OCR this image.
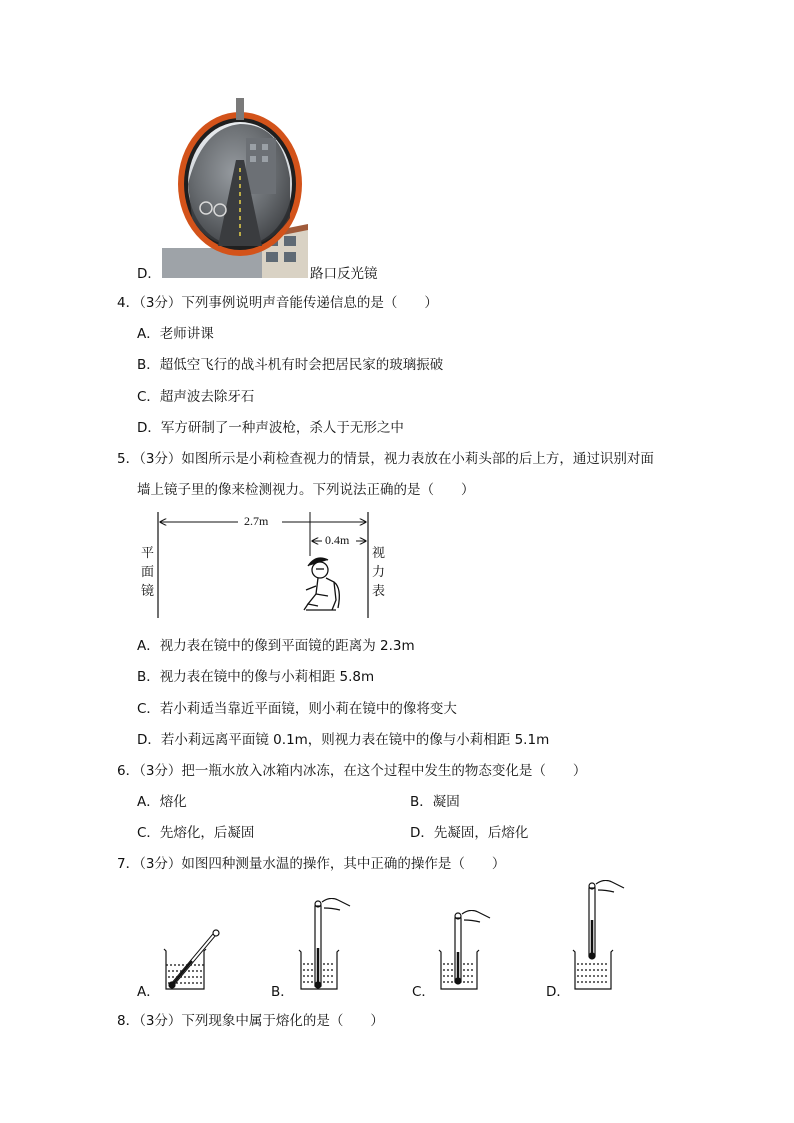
D．	路口反光镜
4．（3分）下列事例说明声音能传递信息的是（　　）
A．老师讲课
B．超低空飞行的战斗机有时会把居民家的玻璃振破
C．超声波去除牙石
D．军方研制了一种声波枪，杀人于无形之中
5．（3分）如图所示是小莉检查视力的情景，视力表放在小莉头部的后上方，通过识别对面
墙上镜子里的像来检测视力。下列说法正确的是（　　）
2.7m
0.4m
平
面
镜
视
力
表
A．视力表在镜中的像到平面镜的距离为 2.3m
B．视力表在镜中的像与小莉相距 5.8m
C．若小莉适当靠近平面镜，则小莉在镜中的像将变大
D．若小莉远离平面镜 0.1m，则视力表在镜中的像与小莉相距 5.1m
6．（3分）把一瓶水放入冰箱内冰冻，在这个过程中发生的物态变化是（　　）
A．熔化	B．凝固
C．先熔化，后凝固	D．先凝固，后熔化
7．（3分）如图四种测量水温的操作，其中正确的操作是（　　）
A．	B．	C．	D．
8．（3分）下列现象中属于熔化的是（　　）
